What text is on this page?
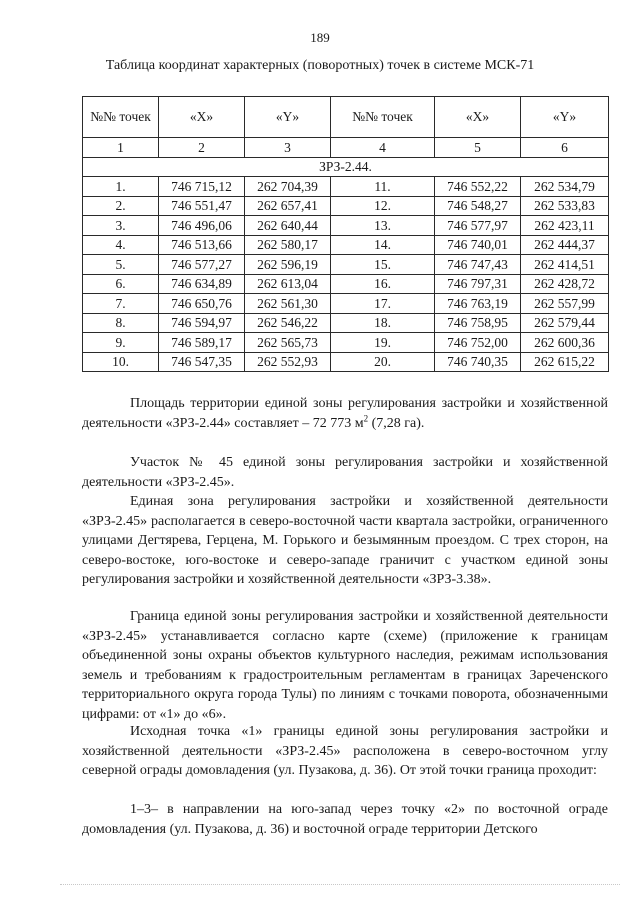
189
Таблица координат характерных (поворотных) точек в системе МСК-71
№№ точек	«X»	«Y»	№№ точек	«X»	«Y»
1	2	3	4	5	6
ЗРЗ-2.44.					
1.	746 715,12	262 704,39	11.	746 552,22	262 534,79
2.	746 551,47	262 657,41	12.	746 548,27	262 533,83
3.	746 496,06	262 640,44	13.	746 577,97	262 423,11
4.	746 513,66	262 580,17	14.	746 740,01	262 444,37
5.	746 577,27	262 596,19	15.	746 747,43	262 414,51
6.	746 634,89	262 613,04	16.	746 797,31	262 428,72
7.	746 650,76	262 561,30	17.	746 763,19	262 557,99
8.	746 594,97	262 546,22	18.	746 758,95	262 579,44
9.	746 589,17	262 565,73	19.	746 752,00	262 600,36
10.	746 547,35	262 552,93	20.	746 740,35	262 615,22

Площадь территории единой зоны регулирования застройки и хозяйственной деятельности «ЗРЗ-2.44» составляет – 72 773 $м^2$ (7,28 га).

Участок № 45 единой зоны регулирования застройки и хозяйственной деятельности «ЗРЗ-2.45».

Единая зона регулирования застройки и хозяйственной деятельности «ЗРЗ-2.45» располагается в северо-восточной части квартала застройки, ограниченного улицами Дегтярева, Герцена, М. Горького и безымянным проездом. С трех сторон, на северо-востоке, юго-востоке и северо-западе граничит с участком единой зоны регулирования застройки и хозяйственной деятельности «ЗРЗ-3.38».

Граница единой зоны регулирования застройки и хозяйственной деятельности «ЗРЗ-2.45» устанавливается согласно карте (схеме) (приложение к границам объединенной зоны охраны объектов культурного наследия, режимам использования земель и требованиям к градостроительным регламентам в границах Зареченского территориального округа города Тулы) по линиям с точками поворота, обозначенными цифрами: от «1» до «6».

Исходная точка «1» границы единой зоны регулирования застройки и хозяйственной деятельности «ЗРЗ-2.45» расположена в северо-восточном углу северной ограды домовладения (ул. Пузакова, д. 36). От этой точки граница проходит:

1–3– в направлении на юго-запад через точку «2» по восточной ограде домовладения (ул. Пузакова, д. 36) и восточной ограде территории Детского
